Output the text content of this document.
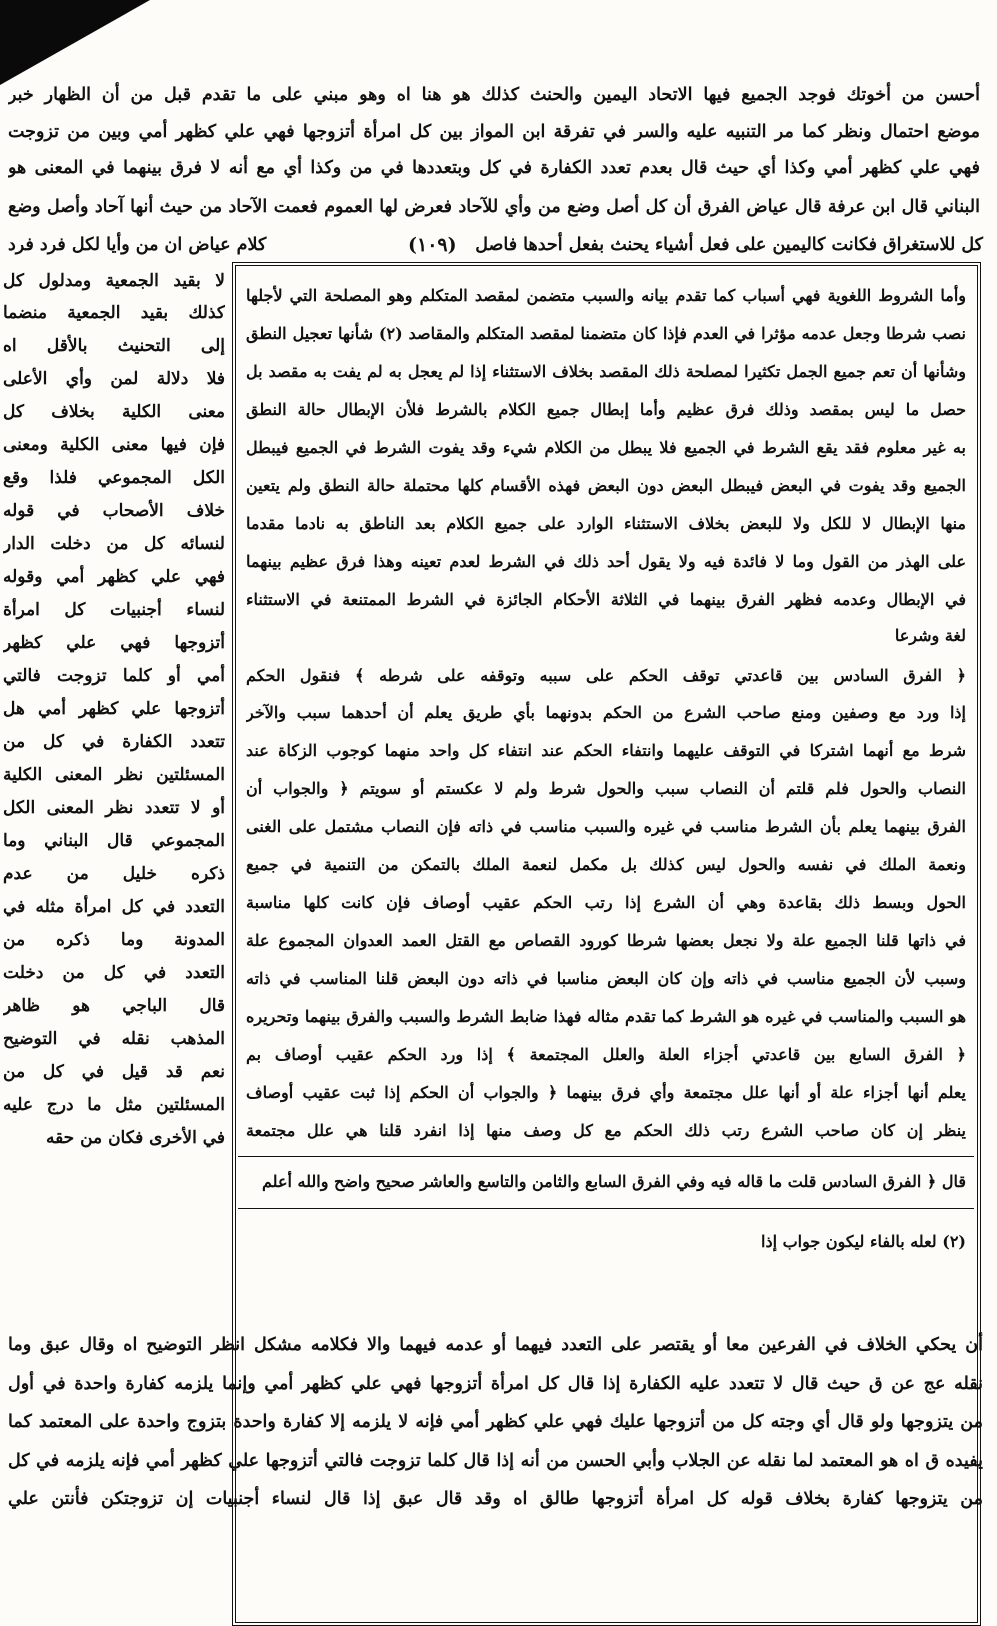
أحسن من أخوتك فوجد الجميع فيها الاتحاد اليمين والحنث كذلك هو هنا اه وهو مبني على ما تقدم قبل من أن الظهار خبر
موضع احتمال ونظر كما مر التنبيه عليه والسر في تفرقة ابن المواز بين كل امرأة أتزوجها فهي علي كظهر أمي وبين من تزوجت
فهي علي كظهر أمي وكذا أي حيث قال بعدم تعدد الكفارة في كل وبتعددها في من وكذا أي مع أنه لا فرق بينهما في المعنى هو
البناني قال ابن عرفة قال عياض الفرق أن كل أصل وضع من وأي للآحاد فعرض لها العموم فعمت الآحاد من حيث أنها آحاد وأصل وضع
كل للاستغراق فكانت كاليمين على فعل أشياء يحنث بفعل أحدها فاصل
(١٠٩)
كلام عياض ان من وأيا لكل فرد فرد
وأما الشروط اللغوية فهي أسباب كما تقدم بيانه والسبب متضمن لمقصد المتكلم وهو المصلحة التي لأجلها
نصب شرطا وجعل عدمه مؤثرا في العدم فإذا كان متضمنا لمقصد المتكلم والمقاصد (٢) شأنها تعجيل النطق
وشأنها أن تعم جميع الجمل تكثيرا لمصلحة ذلك المقصد بخلاف الاستثناء إذا لم يعجل به لم يفت به مقصد بل
حصل ما ليس بمقصد وذلك فرق عظيم وأما إبطال جميع الكلام بالشرط فلأن الإبطال حالة النطق
به غير معلوم فقد يقع الشرط في الجميع فلا يبطل من الكلام شيء وقد يفوت الشرط في الجميع فيبطل
الجميع وقد يفوت في البعض فيبطل البعض دون البعض فهذه الأقسام كلها محتملة حالة النطق ولم يتعين
منها الإبطال لا للكل ولا للبعض بخلاف الاستثناء الوارد على جميع الكلام بعد الناطق به نادما مقدما
على الهذر من القول وما لا فائدة فيه ولا يقول أحد ذلك في الشرط لعدم تعينه وهذا فرق عظيم بينهما
في الإبطال وعدمه فظهر الفرق بينهما في الثلاثة الأحكام الجائزة في الشرط الممتنعة في الاستثناء
لغة وشرعا
﴿ الفرق السادس بين قاعدتي توقف الحكم على سببه وتوقفه على شرطه ﴾ فنقول الحكم
إذا ورد مع وصفين ومنع صاحب الشرع من الحكم بدونهما بأي طريق يعلم أن أحدهما سبب والآخر
شرط مع أنهما اشتركا في التوقف عليهما وانتفاء الحكم عند انتفاء كل واحد منهما كوجوب الزكاة عند
النصاب والحول فلم قلتم أن النصاب سبب والحول شرط ولم لا عكستم أو سويتم ﴿ والجواب أن
الفرق بينهما يعلم بأن الشرط مناسب في غيره والسبب مناسب في ذاته فإن النصاب مشتمل على الغنى
ونعمة الملك في نفسه والحول ليس كذلك بل مكمل لنعمة الملك بالتمكن من التنمية في جميع
الحول وبسط ذلك بقاعدة وهي أن الشرع إذا رتب الحكم عقيب أوصاف فإن كانت كلها مناسبة
في ذاتها قلنا الجميع علة ولا نجعل بعضها شرطا كورود القصاص مع القتل العمد العدوان المجموع علة
وسبب لأن الجميع مناسب في ذاته وإن كان البعض مناسبا في ذاته دون البعض قلنا المناسب في ذاته
هو السبب والمناسب في غيره هو الشرط كما تقدم مثاله فهذا ضابط الشرط والسبب والفرق بينهما وتحريره
﴿ الفرق السابع بين قاعدتي أجزاء العلة والعلل المجتمعة ﴾ إذا ورد الحكم عقيب أوصاف بم
يعلم أنها أجزاء علة أو أنها علل مجتمعة وأي فرق بينهما ﴿ والجواب أن الحكم إذا ثبت عقيب أوصاف
ينظر إن كان صاحب الشرع رتب ذلك الحكم مع كل وصف منها إذا انفرد قلنا هي علل مجتمعة
قال ﴿ الفرق السادس قلت ما قاله فيه وفي الفرق السابع والثامن والتاسع والعاشر صحيح واضح والله أعلم
(٢) لعله بالفاء ليكون جواب إذا
لا بقيد الجمعية ومدلول كل
كذلك بقيد الجمعية منضما
إلى التحنيث بالأقل اه
فلا دلالة لمن وأي الأعلى
معنى الكلية بخلاف كل
فإن فيها معنى الكلية ومعنى
الكل المجموعي فلذا وقع
خلاف الأصحاب في قوله
لنسائه كل من دخلت الدار
فهي علي كظهر أمي وقوله
لنساء أجنبيات كل امرأة
أتزوجها فهي علي كظهر
أمي أو كلما تزوجت فالتي
أتزوجها علي كظهر أمي هل
تتعدد الكفارة في كل من
المسئلتين نظر المعنى الكلية
أو لا تتعدد نظر المعنى الكل
المجموعي قال البناني وما
ذكره خليل من عدم
التعدد في كل امرأة مثله في
المدونة وما ذكره من
التعدد في كل من دخلت
قال الباجي هو ظاهر
المذهب نقله في التوضيح
نعم قد قيل في كل من
المسئلتين مثل ما درج عليه
في الأخرى فكان من حقه
أن يحكي الخلاف في الفرعين معا أو يقتصر على التعدد فيهما أو عدمه فيهما والا فكلامه مشكل انظر التوضيح اه وقال عبق وما
نقله عج عن ق حيث قال لا تتعدد عليه الكفارة إذا قال كل امرأة أتزوجها فهي علي كظهر أمي وإنما يلزمه كفارة واحدة في أول
من يتزوجها ولو قال أي وجته كل من أتزوجها عليك فهي علي كظهر أمي فإنه لا يلزمه إلا كفارة واحدة بتزوج واحدة على المعتمد كما
يفيده ق اه هو المعتمد لما نقله عن الجلاب وأبي الحسن من أنه إذا قال كلما تزوجت فالتي أتزوجها علي كظهر أمي فإنه يلزمه في كل
من يتزوجها كفارة بخلاف قوله كل امرأة أتزوجها طالق اه وقد قال عبق إذا قال لنساء أجنبيات إن تزوجتكن فأنتن علي
